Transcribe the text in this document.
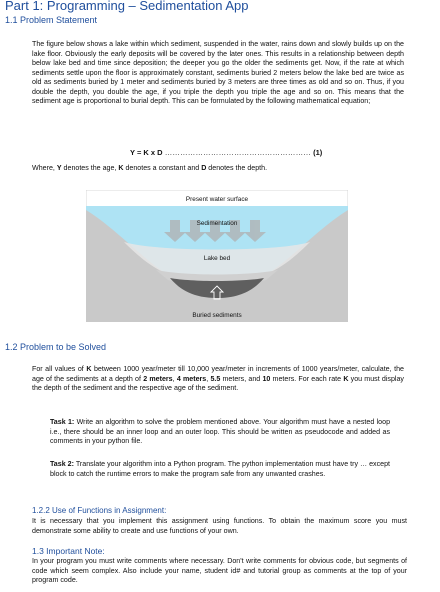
Part 1: Programming – Sedimentation App
1.1 Problem Statement

The figure below shows a lake within which sediment, suspended in the water, rains down and slowly builds up on the lake floor. Obviously the early deposits will be covered by the later ones. This results in a relationship between depth below lake bed and time since deposition; the deeper you go the older the sediments get. Now, if the rate at which sediments settle upon the floor is approximately constant, sediments buried 2 meters below the lake bed are twice as old as sediments buried by 1 meter and sediments buried by 3 meters are three times as old and so on. Thus, if you double the depth, you double the age, if you triple the depth you triple the age and so on. This means that the sediment age is proportional to burial depth. This can be formulated by the following mathematical equation;

Y = K x D ………………………………………………… (1)

Where, Y denotes the age, K denotes a constant and D denotes the depth.

Present water surface
Sedimentation
Lake bed
Buried sediments
1.2 Problem to be Solved

For all values of K between 1000 year/meter till 10,000 year/meter in increments of 1000 years/meter, calculate, the age of the sediments at a depth of 2 meters, 4 meters, 5.5 meters, and 10 meters. For each rate K you must display the depth of the sediment and the respective age of the sediment.

Task 1: Write an algorithm to solve the problem mentioned above. Your algorithm must have a nested loop i.e., there should be an inner loop and an outer loop. This should be written as pseudocode and added as comments in your python file.

Task 2: Translate your algorithm into a Python program. The python implementation must have try … except block to catch the runtime errors to make the program safe from any unwanted crashes.

1.2.2 Use of Functions in Assignment:

It is necessary that you implement this assignment using functions. To obtain the maximum score you must demonstrate some ability to create and use functions of your own.

1.3 Important Note:

In your program you must write comments where necessary. Don't write comments for obvious code, but segments of code which seem complex. Also include your name, student id# and tutorial group as comments at the top of your program code.
